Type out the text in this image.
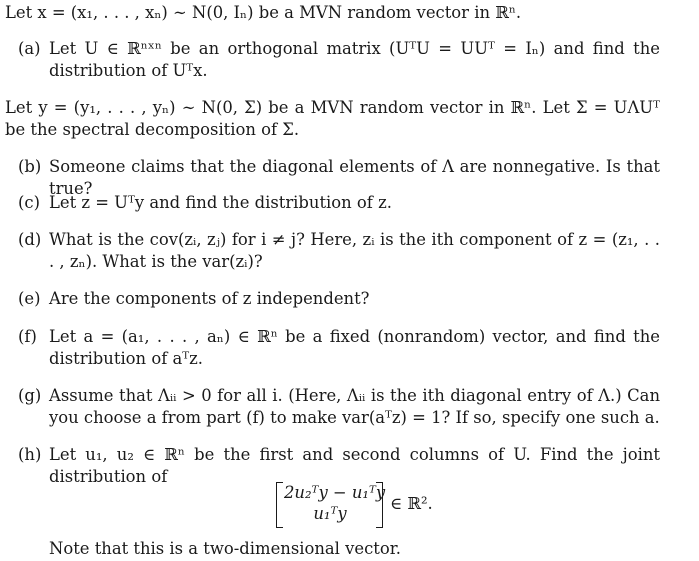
Let x = (x₁, . . . , xₙ) ∼ N(0, Iₙ) be a MVN random vector in ℝⁿ.
(a) Let U ∈ ℝⁿˣⁿ be an orthogonal matrix (UᵀU = UUᵀ = Iₙ) and find the distribution of Uᵀx.
Let y = (y₁, . . . , yₙ) ∼ N(0, Σ) be a MVN random vector in ℝⁿ. Let Σ = UΛUᵀ be the spectral decomposition of Σ.
(b) Someone claims that the diagonal elements of Λ are nonnegative. Is that true?
(c) Let z = Uᵀy and find the distribution of z.
(d) What is the cov(zᵢ, zⱼ) for i ≠ j? Here, zᵢ is the ith component of z = (z₁, . . . , zₙ). What is the var(zᵢ)?
(e) Are the components of z independent?
(f) Let a = (a₁, . . . , aₙ) ∈ ℝⁿ be a fixed (nonrandom) vector, and find the distribution of aᵀz.
(g) Assume that Λᵢᵢ > 0 for all i. (Here, Λᵢᵢ is the ith diagonal entry of Λ.) Can you choose a from part (f) to make var(aᵀz) = 1? If so, specify one such a.
(h) Let u₁, u₂ ∈ ℝⁿ be the first and second columns of U. Find the joint distribution of
2u₂ᵀy − u₁ᵀy
u₁ᵀy
∈ ℝ².
Note that this is a two-dimensional vector.
